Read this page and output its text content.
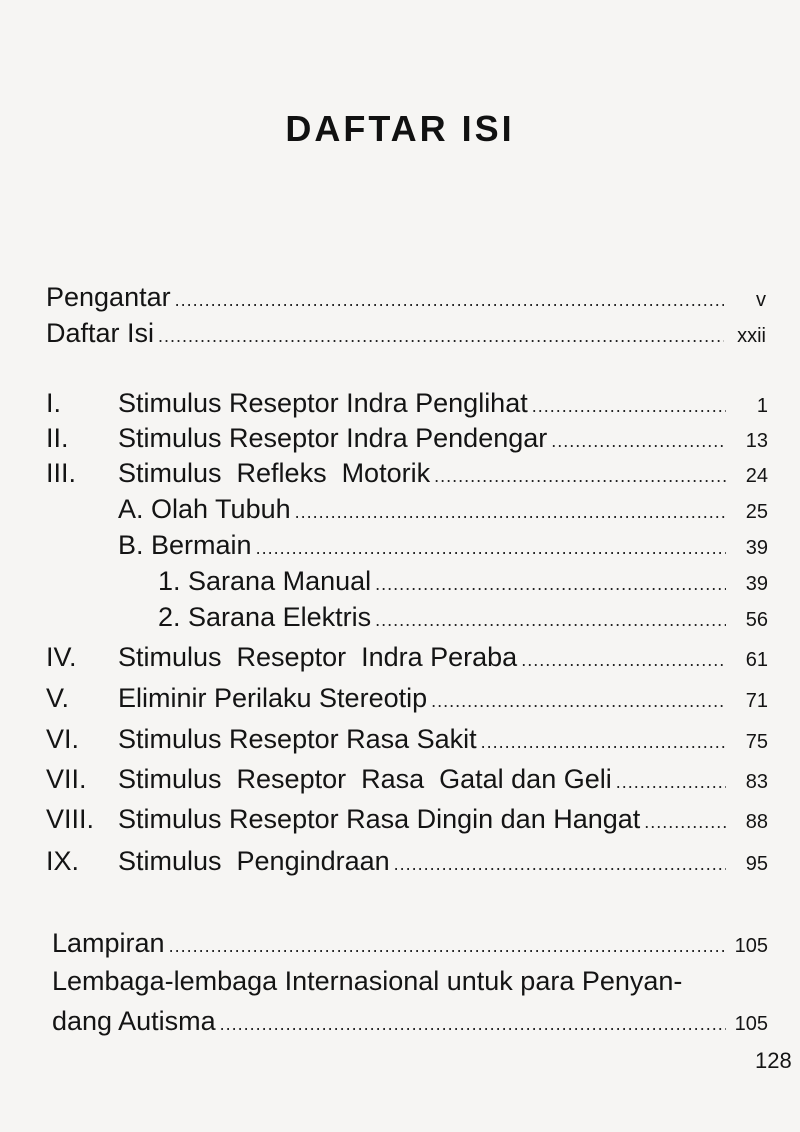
DAFTAR ISI
Pengantar .....	v
Daftar Isi .....	xxii
I.	Stimulus Reseptor Indra Penglihat .....	1
II.	Stimulus Reseptor Indra Pendengar .....	13
III.	Stimulus  Refleks  Motorik .....	24
A. Olah Tubuh .....	25
B. Bermain .....	39
1. Sarana Manual .....	39
2. Sarana Elektris .....	56
IV.	Stimulus  Reseptor  Indra Peraba .....	61
V.	Eliminir Perilaku Stereotip .....	71
VI.	Stimulus Reseptor Rasa Sakit .....	75
VII.	Stimulus  Reseptor  Rasa  Gatal dan Geli .....	83
VIII. Stimulus Reseptor Rasa Dingin dan Hangat .....	88
IX.	Stimulus  Pengindraan .....	95
Lampiran .....	105
Lembaga-lembaga Internasional untuk para Penyan-
dang Autisma .....	105
128
